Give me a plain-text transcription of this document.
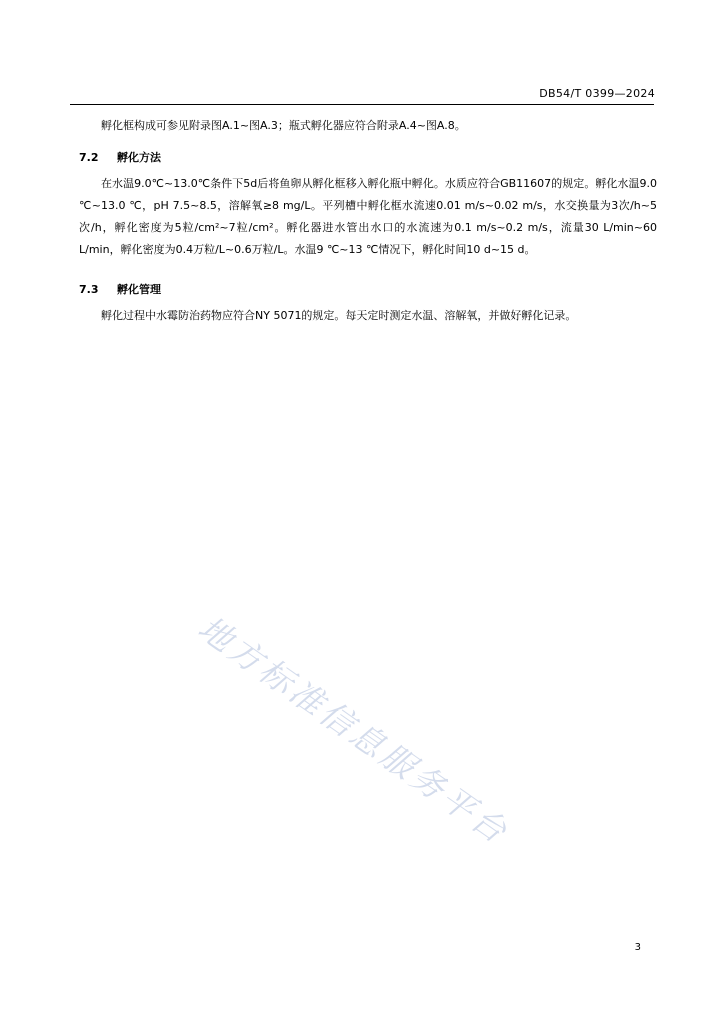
DB54/T 0399—2024
孵化框构成可参见附录图A.1~图A.3；瓶式孵化器应符合附录A.4~图A.8。
7.2 孵化方法
在水温9.0℃~13.0℃条件下5d后将鱼卵从孵化框移入孵化瓶中孵化。水质应符合GB11607的规定。孵化水温9.0 ℃~13.0 ℃，pH 7.5~8.5，溶解氧≥8 mg/L。平列槽中孵化框水流速0.01 m/s~0.02 m/s，水交换量为3次/h~5次/h，孵化密度为5粒/cm²~7粒/cm²。孵化器进水管出水口的水流速为0.1 m/s~0.2 m/s，流量30 L/min~60 L/min，孵化密度为0.4万粒/L~0.6万粒/L。水温9 ℃~13 ℃情况下，孵化时间10 d~15 d。
7.3 孵化管理
孵化过程中水霉防治药物应符合NY 5071的规定。每天定时测定水温、溶解氧，并做好孵化记录。
地方标准信息服务平台
3
